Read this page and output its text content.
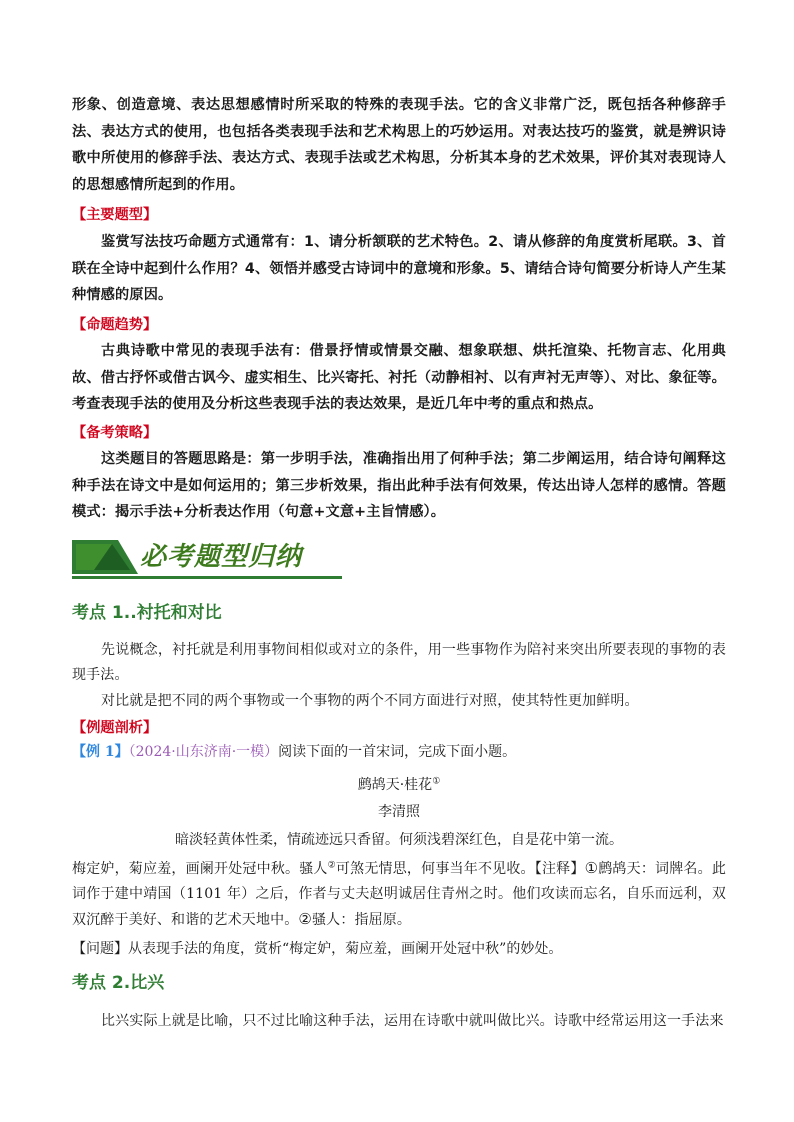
形象、创造意境、表达思想感情时所采取的特殊的表现手法。它的含义非常广泛，既包括各种修辞手法、表达方式的使用，也包括各类表现手法和艺术构思上的巧妙运用。对表达技巧的鉴赏，就是辨识诗歌中所使用的修辞手法、表达方式、表现手法或艺术构思，分析其本身的艺术效果，评价其对表现诗人的思想感情所起到的作用。

【主要题型】

鉴赏写法技巧命题方式通常有：1、请分析颔联的艺术特色。2、请从修辞的角度赏析尾联。3、首联在全诗中起到什么作用？4、领悟并感受古诗词中的意境和形象。5、请结合诗句简要分析诗人产生某种情感的原因。

【命题趋势】

古典诗歌中常见的表现手法有：借景抒情或情景交融、想象联想、烘托渲染、托物言志、化用典故、借古抒怀或借古讽今、虚实相生、比兴寄托、衬托（动静相衬、以有声衬无声等）、对比、象征等。考查表现手法的使用及分析这些表现手法的表达效果，是近几年中考的重点和热点。

【备考策略】

这类题目的答题思路是：第一步明手法，准确指出用了何种手法；第二步阐运用，结合诗句阐释这种手法在诗文中是如何运用的；第三步析效果，指出此种手法有何效果，传达出诗人怎样的感情。答题模式：揭示手法+分析表达作用（句意+文意+主旨情感）。

必考题型归纳

考点 1..衬托和对比

先说概念，衬托就是利用事物间相似或对立的条件，用一些事物作为陪衬来突出所要表现的事物的表现手法。

对比就是把不同的两个事物或一个事物的两个不同方面进行对照，使其特性更加鲜明。

【例题剖析】

【例 1】（2024·山东济南·一模）阅读下面的一首宋词，完成下面小题。

鹧鸪天·桂花①

李清照

暗淡轻黄体性柔，情疏迹远只香留。何须浅碧深红色，自是花中第一流。

梅定妒，菊应羞，画阑开处冠中秋。骚人②可煞无情思，何事当年不见收。【注释】①鹧鸪天：词牌名。此词作于建中靖国（1101 年）之后，作者与丈夫赵明诚居住青州之时。他们攻读而忘名，自乐而远利，双双沉醉于美好、和谐的艺术天地中。②骚人：指屈原。

【问题】从表现手法的角度，赏析“梅定妒，菊应羞，画阑开处冠中秋”的妙处。

考点 2.比兴

比兴实际上就是比喻，只不过比喻这种手法，运用在诗歌中就叫做比兴。诗歌中经常运用这一手法来
